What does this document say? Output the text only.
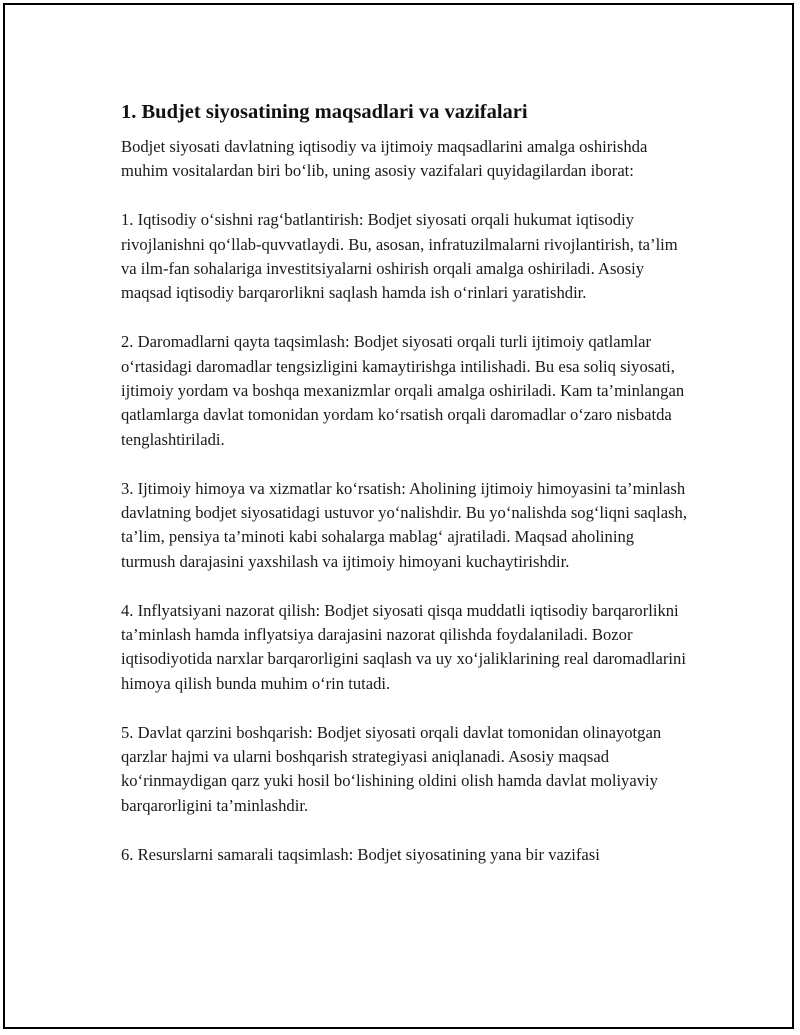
1. Budjet siyosatining maqsadlari va vazifalari

Bodjet siyosati davlatning iqtisodiy va ijtimoiy maqsadlarini amalga oshirishda muhim vositalardan biri bo‘lib, uning asosiy vazifalari quyidagilardan iborat:

1. Iqtisodiy o‘sishni rag‘batlantirish: Bodjet siyosati orqali hukumat iqtisodiy rivojlanishni qo‘llab-quvvatlaydi. Bu, asosan, infratuzilmalarni rivojlantirish, ta’lim va ilm-fan sohalariga investitsiyalarni oshirish orqali amalga oshiriladi. Asosiy maqsad iqtisodiy barqarorlikni saqlash hamda ish o‘rinlari yaratishdir.

2. Daromadlarni qayta taqsimlash: Bodjet siyosati orqali turli ijtimoiy qatlamlar o‘rtasidagi daromadlar tengsizligini kamaytirishga intilishadi. Bu esa soliq siyosati, ijtimoiy yordam va boshqa mexanizmlar orqali amalga oshiriladi. Kam ta’minlangan qatlamlarga davlat tomonidan yordam ko‘rsatish orqali daromadlar o‘zaro nisbatda tenglashtiriladi.

3. Ijtimoiy himoya va xizmatlar ko‘rsatish: Aholining ijtimoiy himoyasini ta’minlash davlatning bodjet siyosatidagi ustuvor yo‘nalishdir. Bu yo‘nalishda sog‘liqni saqlash, ta’lim, pensiya ta’minoti kabi sohalarga mablag‘ ajratiladi. Maqsad aholining turmush darajasini yaxshilash va ijtimoiy himoyani kuchaytirishdir.

4. Inflyatsiyani nazorat qilish: Bodjet siyosati qisqa muddatli iqtisodiy barqarorlikni ta’minlash hamda inflyatsiya darajasini nazorat qilishda foydalaniladi. Bozor iqtisodiyotida narxlar barqarorligini saqlash va uy xo‘jaliklarining real daromadlarini himoya qilish bunda muhim o‘rin tutadi.

5. Davlat qarzini boshqarish: Bodjet siyosati orqali davlat tomonidan olinayotgan qarzlar hajmi va ularni boshqarish strategiyasi aniqlanadi. Asosiy maqsad ko‘rinmaydigan qarz yuki hosil bo‘lishining oldini olish hamda davlat moliyaviy barqarorligini ta’minlashdir.

6. Resurslarni samarali taqsimlash: Bodjet siyosatining yana bir vazifasi
